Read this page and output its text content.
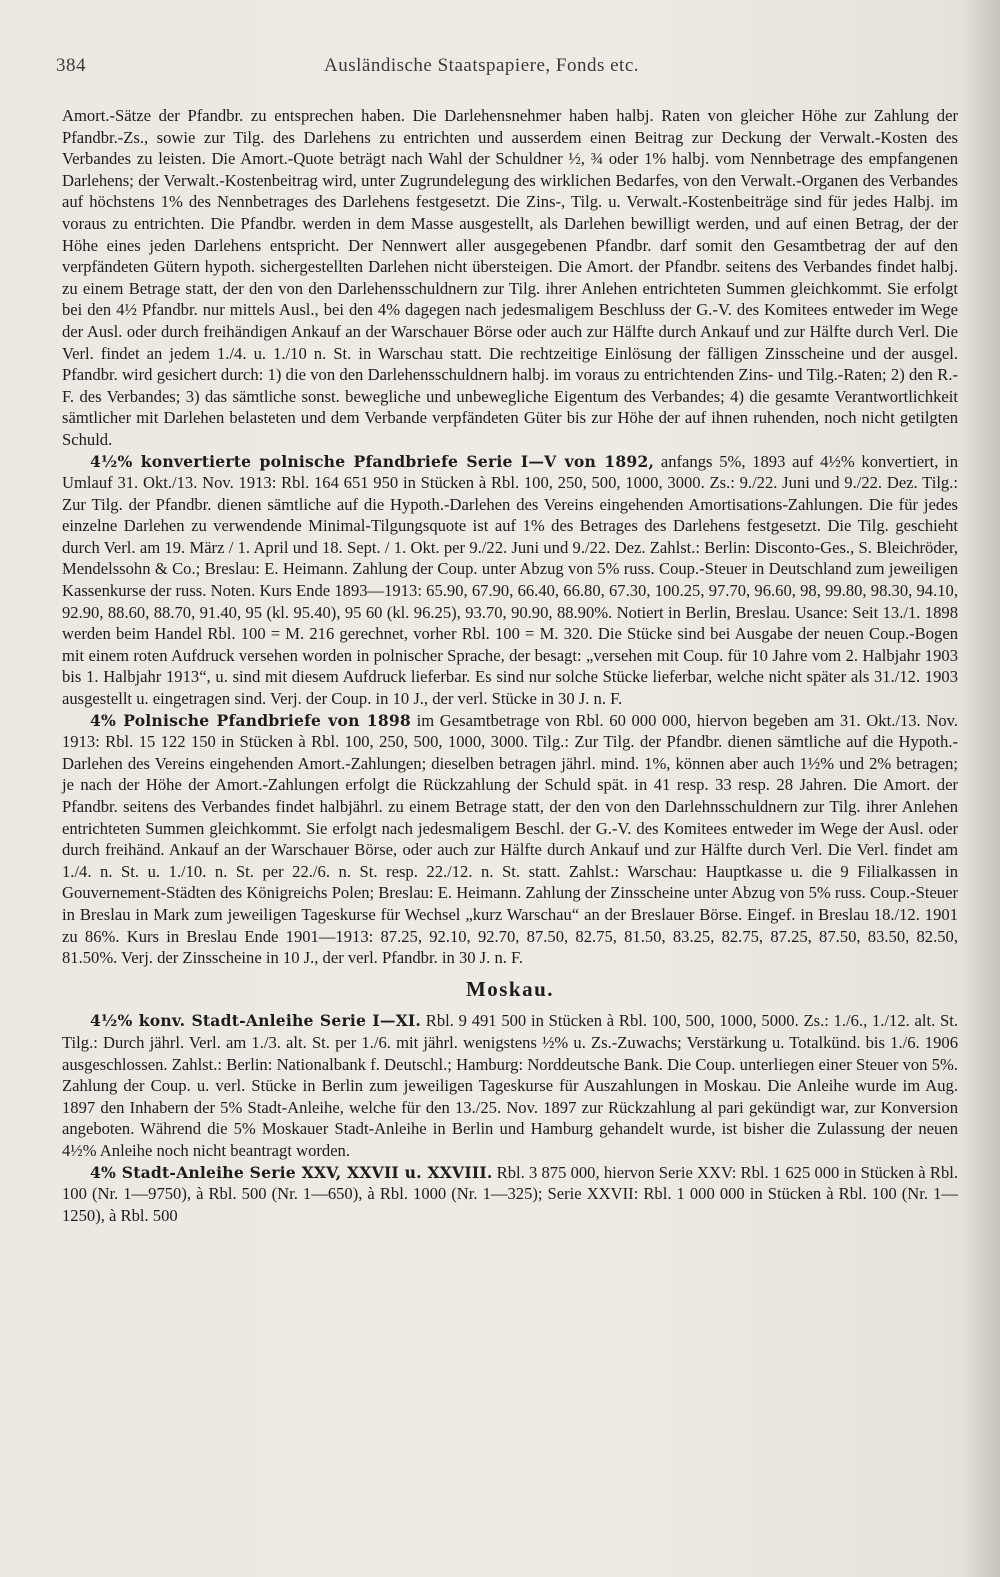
384	Ausländische Staatspapiere, Fonds etc.

Amort.-Sätze der Pfandbr. zu entsprechen haben. Die Darlehensnehmer haben halbj. Raten von gleicher Höhe zur Zahlung der Pfandbr.-Zs., sowie zur Tilg. des Darlehens zu entrichten und ausserdem einen Beitrag zur Deckung der Verwalt.-Kosten des Verbandes zu leisten. Die Amort.-Quote beträgt nach Wahl der Schuldner ½, ¾ oder 1% halbj. vom Nennbetrage des empfangenen Darlehens; der Verwalt.-Kostenbeitrag wird, unter Zugrundelegung des wirklichen Bedarfes, von den Verwalt.-Organen des Verbandes auf höchstens 1% des Nennbetrages des Darlehens festgesetzt. Die Zins-, Tilg. u. Verwalt.-Kostenbeiträge sind für jedes Halbj. im voraus zu entrichten. Die Pfandbr. werden in dem Masse ausgestellt, als Darlehen bewilligt werden, und auf einen Betrag, der der Höhe eines jeden Darlehens entspricht. Der Nennwert aller ausgegebenen Pfandbr. darf somit den Gesamtbetrag der auf den verpfändeten Gütern hypoth. sichergestellten Darlehen nicht übersteigen. Die Amort. der Pfandbr. seitens des Verbandes findet halbj. zu einem Betrage statt, der den von den Darlehensschuldnern zur Tilg. ihrer Anlehen entrichteten Summen gleichkommt. Sie erfolgt bei den 4½ Pfandbr. nur mittels Ausl., bei den 4% dagegen nach jedesmaligem Beschluss der G.-V. des Komitees entweder im Wege der Ausl. oder durch freihändigen Ankauf an der Warschauer Börse oder auch zur Hälfte durch Ankauf und zur Hälfte durch Verl. Die Verl. findet an jedem 1./4. u. 1./10 n. St. in Warschau statt. Die rechtzeitige Einlösung der fälligen Zinsscheine und der ausgel. Pfandbr. wird gesichert durch: 1) die von den Darlehensschuldnern halbj. im voraus zu entrichtenden Zins- und Tilg.-Raten; 2) den R.-F. des Verbandes; 3) das sämtliche sonst. bewegliche und unbewegliche Eigentum des Verbandes; 4) die gesamte Verantwortlichkeit sämtlicher mit Darlehen belasteten und dem Verbande verpfändeten Güter bis zur Höhe der auf ihnen ruhenden, noch nicht getilgten Schuld.

4½% konvertierte polnische Pfandbriefe Serie I—V von 1892, anfangs 5%, 1893 auf 4½% konvertiert, in Umlauf 31. Okt./13. Nov. 1913: Rbl. 164 651 950 in Stücken à Rbl. 100, 250, 500, 1000, 3000. Zs.: 9./22. Juni und 9./22. Dez. Tilg.: Zur Tilg. der Pfandbr. dienen sämtliche auf die Hypoth.-Darlehen des Vereins eingehenden Amortisations-Zahlungen. Die für jedes einzelne Darlehen zu verwendende Minimal-Tilgungsquote ist auf 1% des Betrages des Darlehens festgesetzt. Die Tilg. geschieht durch Verl. am 19. März / 1. April und 18. Sept. / 1. Okt. per 9./22. Juni und 9./22. Dez. Zahlst.: Berlin: Disconto-Ges., S. Bleichröder, Mendelssohn & Co.; Breslau: E. Heimann. Zahlung der Coup. unter Abzug von 5% russ. Coup.-Steuer in Deutschland zum jeweiligen Kassenkurse der russ. Noten. Kurs Ende 1893—1913: 65.90, 67.90, 66.40, 66.80, 67.30, 100.25, 97.70, 96.60, 98, 99.80, 98.30, 94.10, 92.90, 88.60, 88.70, 91.40, 95 (kl. 95.40), 95 60 (kl. 96.25), 93.70, 90.90, 88.90%. Notiert in Berlin, Breslau. Usance: Seit 13./1. 1898 werden beim Handel Rbl. 100 = M. 216 gerechnet, vorher Rbl. 100 = M. 320. Die Stücke sind bei Ausgabe der neuen Coup.-Bogen mit einem roten Aufdruck versehen worden in polnischer Sprache, der besagt: „versehen mit Coup. für 10 Jahre vom 2. Halbjahr 1903 bis 1. Halbjahr 1913“, u. sind mit diesem Aufdruck lieferbar. Es sind nur solche Stücke lieferbar, welche nicht später als 31./12. 1903 ausgestellt u. eingetragen sind. Verj. der Coup. in 10 J., der verl. Stücke in 30 J. n. F.

4% Polnische Pfandbriefe von 1898 im Gesamtbetrage von Rbl. 60 000 000, hiervon begeben am 31. Okt./13. Nov. 1913: Rbl. 15 122 150 in Stücken à Rbl. 100, 250, 500, 1000, 3000. Tilg.: Zur Tilg. der Pfandbr. dienen sämtliche auf die Hypoth.-Darlehen des Vereins eingehenden Amort.-Zahlungen; dieselben betragen jährl. mind. 1%, können aber auch 1½% und 2% betragen; je nach der Höhe der Amort.-Zahlungen erfolgt die Rückzahlung der Schuld spät. in 41 resp. 33 resp. 28 Jahren. Die Amort. der Pfandbr. seitens des Verbandes findet halbjährl. zu einem Betrage statt, der den von den Darlehnsschuldnern zur Tilg. ihrer Anlehen entrichteten Summen gleichkommt. Sie erfolgt nach jedesmaligem Beschl. der G.-V. des Komitees entweder im Wege der Ausl. oder durch freihänd. Ankauf an der Warschauer Börse, oder auch zur Hälfte durch Ankauf und zur Hälfte durch Verl. Die Verl. findet am 1./4. n. St. u. 1./10. n. St. per 22./6. n. St. resp. 22./12. n. St. statt. Zahlst.: Warschau: Hauptkasse u. die 9 Filialkassen in Gouvernement-Städten des Königreichs Polen; Breslau: E. Heimann. Zahlung der Zinsscheine unter Abzug von 5% russ. Coup.-Steuer in Breslau in Mark zum jeweiligen Tageskurse für Wechsel „kurz Warschau“ an der Breslauer Börse. Eingef. in Breslau 18./12. 1901 zu 86%. Kurs in Breslau Ende 1901—1913: 87.25, 92.10, 92.70, 87.50, 82.75, 81.50, 83.25, 82.75, 87.25, 87.50, 83.50, 82.50, 81.50%. Verj. der Zinsscheine in 10 J., der verl. Pfandbr. in 30 J. n. F.

Moskau.

4½% konv. Stadt-Anleihe Serie I—XI. Rbl. 9 491 500 in Stücken à Rbl. 100, 500, 1000, 5000. Zs.: 1./6., 1./12. alt. St. Tilg.: Durch jährl. Verl. am 1./3. alt. St. per 1./6. mit jährl. wenigstens ½% u. Zs.-Zuwachs; Verstärkung u. Totalkünd. bis 1./6. 1906 ausgeschlossen. Zahlst.: Berlin: Nationalbank f. Deutschl.; Hamburg: Norddeutsche Bank. Die Coup. unterliegen einer Steuer von 5%. Zahlung der Coup. u. verl. Stücke in Berlin zum jeweiligen Tageskurse für Auszahlungen in Moskau. Die Anleihe wurde im Aug. 1897 den Inhabern der 5% Stadt-Anleihe, welche für den 13./25. Nov. 1897 zur Rückzahlung al pari gekündigt war, zur Konversion angeboten. Während die 5% Moskauer Stadt-Anleihe in Berlin und Hamburg gehandelt wurde, ist bisher die Zulassung der neuen 4½% Anleihe noch nicht beantragt worden.

4% Stadt-Anleihe Serie XXV, XXVII u. XXVIII. Rbl. 3 875 000, hiervon Serie XXV: Rbl. 1 625 000 in Stücken à Rbl. 100 (Nr. 1—9750), à Rbl. 500 (Nr. 1—650), à Rbl. 1000 (Nr. 1—325); Serie XXVII: Rbl. 1 000 000 in Stücken à Rbl. 100 (Nr. 1—1250), à Rbl. 500
